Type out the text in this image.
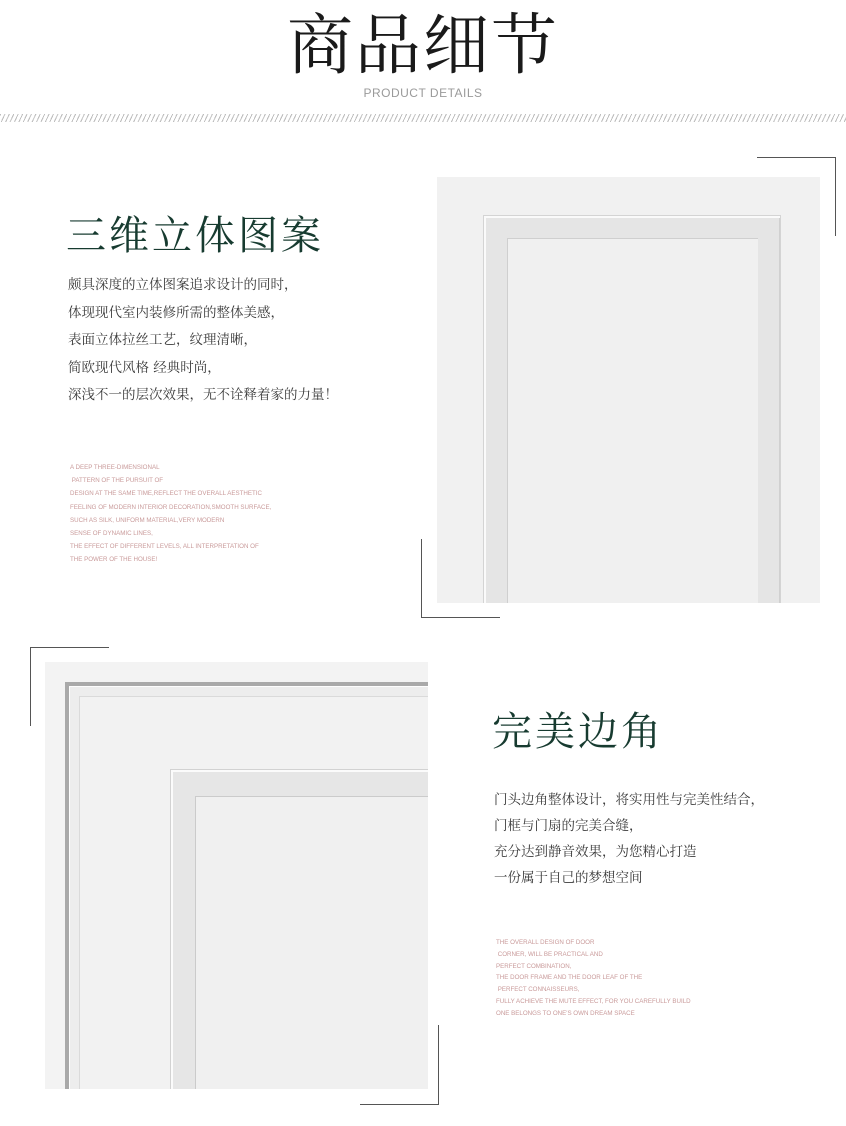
商品细节
PRODUCT DETAILS
三维立体图案
颇具深度的立体图案追求设计的同时，
体现现代室内装修所需的整体美感，
表面立体拉丝工艺，纹理清晰，
简欧现代风格 经典时尚，
深浅不一的层次效果，无不诠释着家的力量！
A DEEP THREE-DIMENSIONAL
PATTERN OF THE PURSUIT OF
DESIGN AT THE SAME TIME,REFLECT THE OVERALL AESTHETIC
FEELING OF MODERN INTERIOR DECORATION,SMOOTH SURFACE,
SUCH AS SILK, UNIFORM MATERIAL,VERY MODERN
SENSE OF DYNAMIC LINES,
THE EFFECT OF DIFFERENT LEVELS, ALL INTERPRETATION OF
THE POWER OF THE HOUSE!
完美边角
门头边角整体设计，将实用性与完美性结合，
门框与门扇的完美合缝，
充分达到静音效果，为您精心打造
一份属于自己的梦想空间
THE OVERALL DESIGN OF DOOR
CORNER, WILL BE PRACTICAL AND
PERFECT COMBINATION,
THE DOOR FRAME AND THE DOOR LEAF OF THE
PERFECT CONNAISSEURS,
FULLY ACHIEVE THE MUTE EFFECT, FOR YOU CAREFULLY BUILD
ONE BELONGS TO ONE'S OWN DREAM SPACE
